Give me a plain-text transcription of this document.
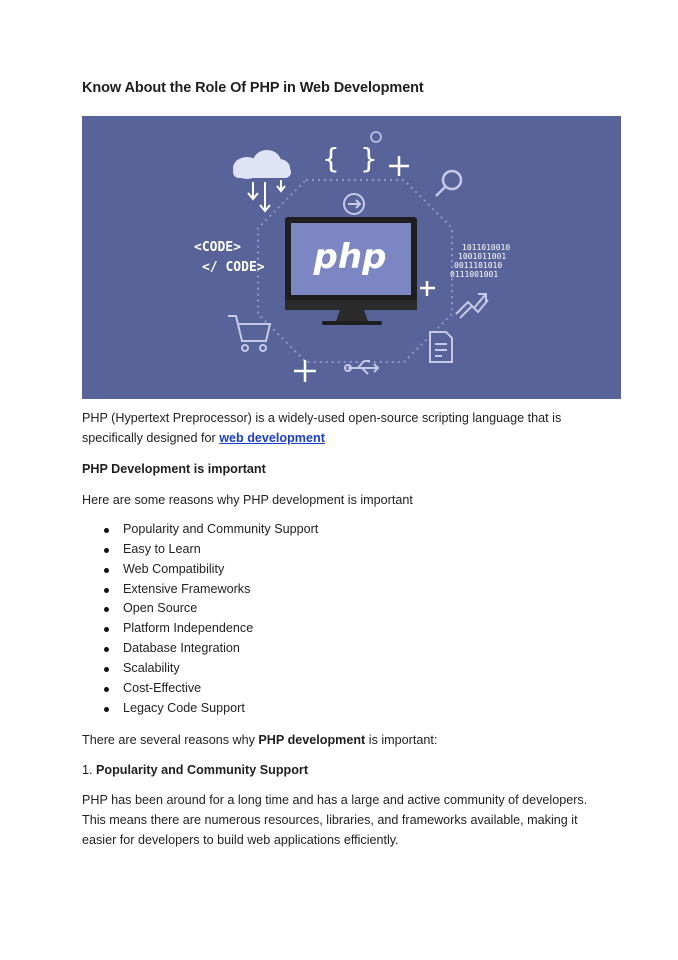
Know About the Role Of PHP in Web Development
{ }
php
<CODE>
</ CODE>
1011010010
1001011001
0011101010
0111001001
PHP (Hypertext Preprocessor) is a widely-used open-source scripting language that is
specifically designed for web development
PHP Development is important
Here are some reasons why PHP development is important
Popularity and Community Support
Easy to Learn
Web Compatibility
Extensive Frameworks
Open Source
Platform Independence
Database Integration
Scalability
Cost-Effective
Legacy Code Support
There are several reasons why PHP development is important:
1. Popularity and Community Support
PHP has been around for a long time and has a large and active community of developers.
This means there are numerous resources, libraries, and frameworks available, making it
easier for developers to build web applications efficiently.
